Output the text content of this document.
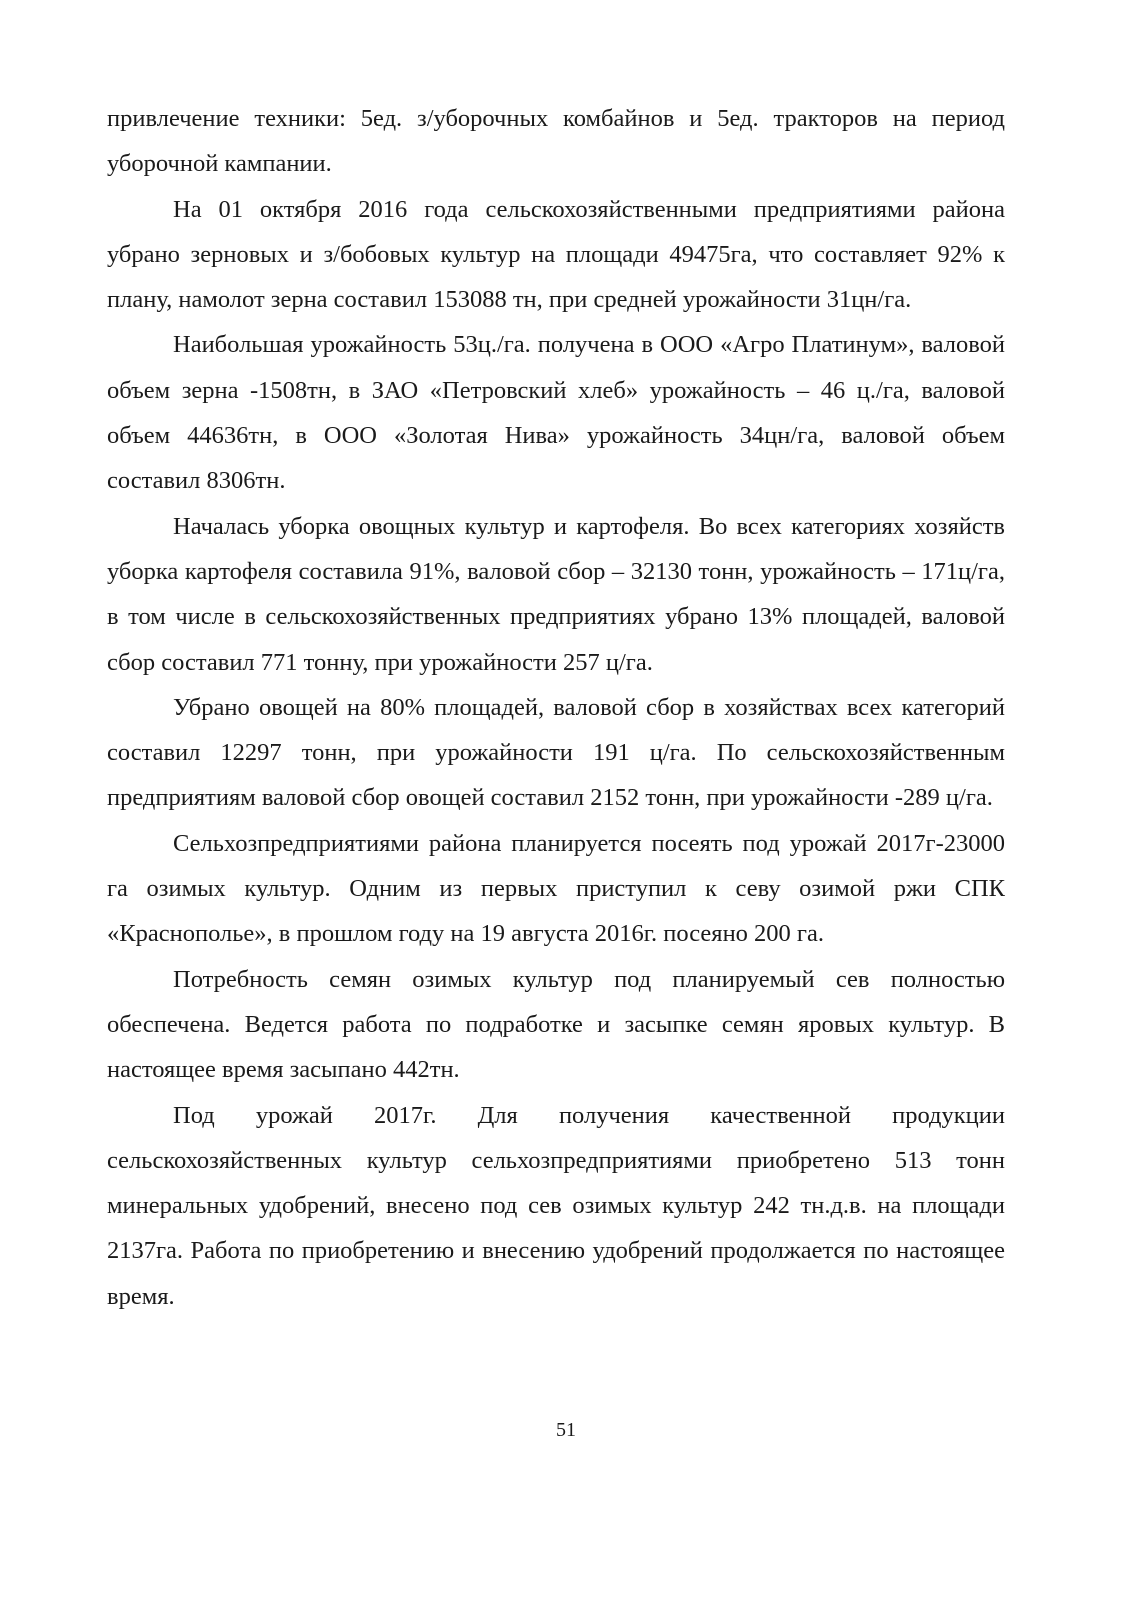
привлечение техники: 5ед. з/уборочных комбайнов и 5ед. тракторов на период уборочной кампании.

На 01 октября 2016 года сельскохозяйственными предприятиями района убрано зерновых и з/бобовых культур на площади 49475га, что составляет 92% к плану, намолот зерна составил 153088 тн, при средней урожайности 31цн/га.

Наибольшая урожайность 53ц./га. получена в ООО «Агро Платинум», валовой объем зерна -1508тн, в ЗАО «Петровский хлеб» урожайность – 46 ц./га, валовой объем 44636тн, в ООО «Золотая Нива» урожайность 34цн/га, валовой объем составил 8306тн.

Началась уборка овощных культур и картофеля. Во всех категориях хозяйств уборка картофеля составила 91%, валовой сбор – 32130 тонн, урожайность – 171ц/га, в том числе в сельскохозяйственных предприятиях убрано 13% площадей, валовой сбор составил 771 тонну, при урожайности 257 ц/га.

Убрано овощей на 80% площадей, валовой сбор в хозяйствах всех категорий составил 12297 тонн, при урожайности 191 ц/га. По сельскохозяйственным предприятиям валовой сбор овощей составил 2152 тонн, при урожайности -289 ц/га.

Сельхозпредприятиями района планируется посеять под урожай 2017г-23000 га озимых культур. Одним из первых приступил к севу озимой ржи СПК «Краснополье», в прошлом году на 19 августа 2016г. посеяно 200 га.

Потребность семян озимых культур под планируемый сев полностью обеспечена. Ведется работа по подработке и засыпке семян яровых культур. В настоящее время засыпано 442тн.

Под урожай 2017г. Для получения качественной продукции сельскохозяйственных культур сельхозпредприятиями приобретено 513 тонн минеральных удобрений, внесено под сев озимых культур 242 тн.д.в. на площади 2137га. Работа по приобретению и внесению удобрений продолжается по настоящее время.

51
